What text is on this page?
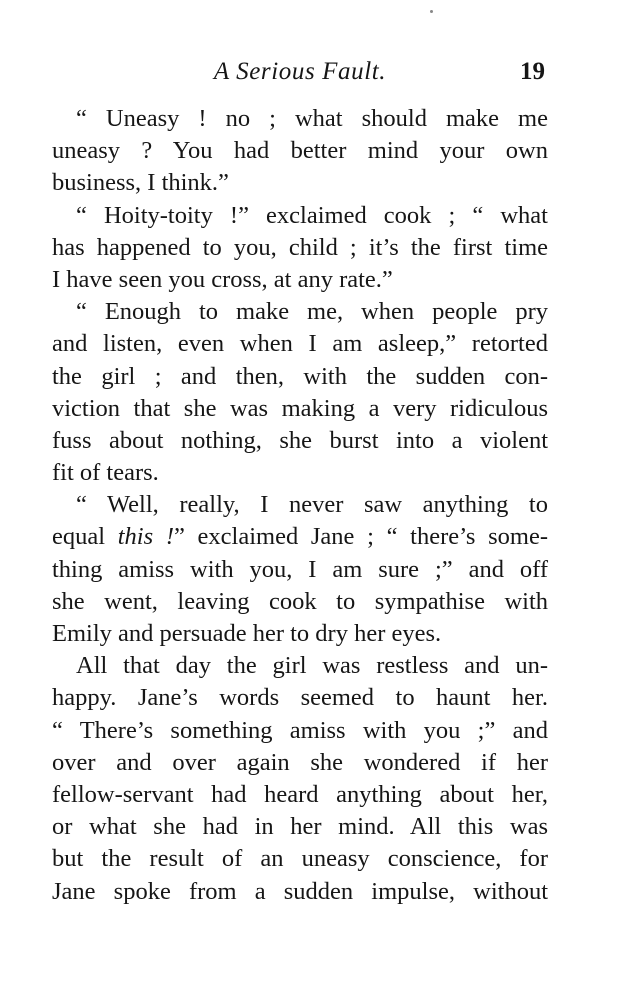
A Serious Fault.	19
“ Uneasy ! no ; what should make me
uneasy ? You had better mind your own
business, I think.”
“ Hoity-toity !” exclaimed cook ; “ what
has happened to you, child ; it’s the first time
I have seen you cross, at any rate.”
“ Enough to make me, when people pry
and listen, even when I am asleep,” retorted
the girl ; and then, with the sudden con-
viction that she was making a very ridiculous
fuss about nothing, she burst into a violent
fit of tears.
“ Well, really, I never saw anything to
equal this !” exclaimed Jane ; “ there’s some-
thing amiss with you, I am sure ;” and off
she went, leaving cook to sympathise with
Emily and persuade her to dry her eyes.
All that day the girl was restless and un-
happy. Jane’s words seemed to haunt her.
“ There’s something amiss with you ;” and
over and over again she wondered if her
fellow-servant had heard anything about her,
or what she had in her mind. All this was
but the result of an uneasy conscience, for
Jane spoke from a sudden impulse, without
